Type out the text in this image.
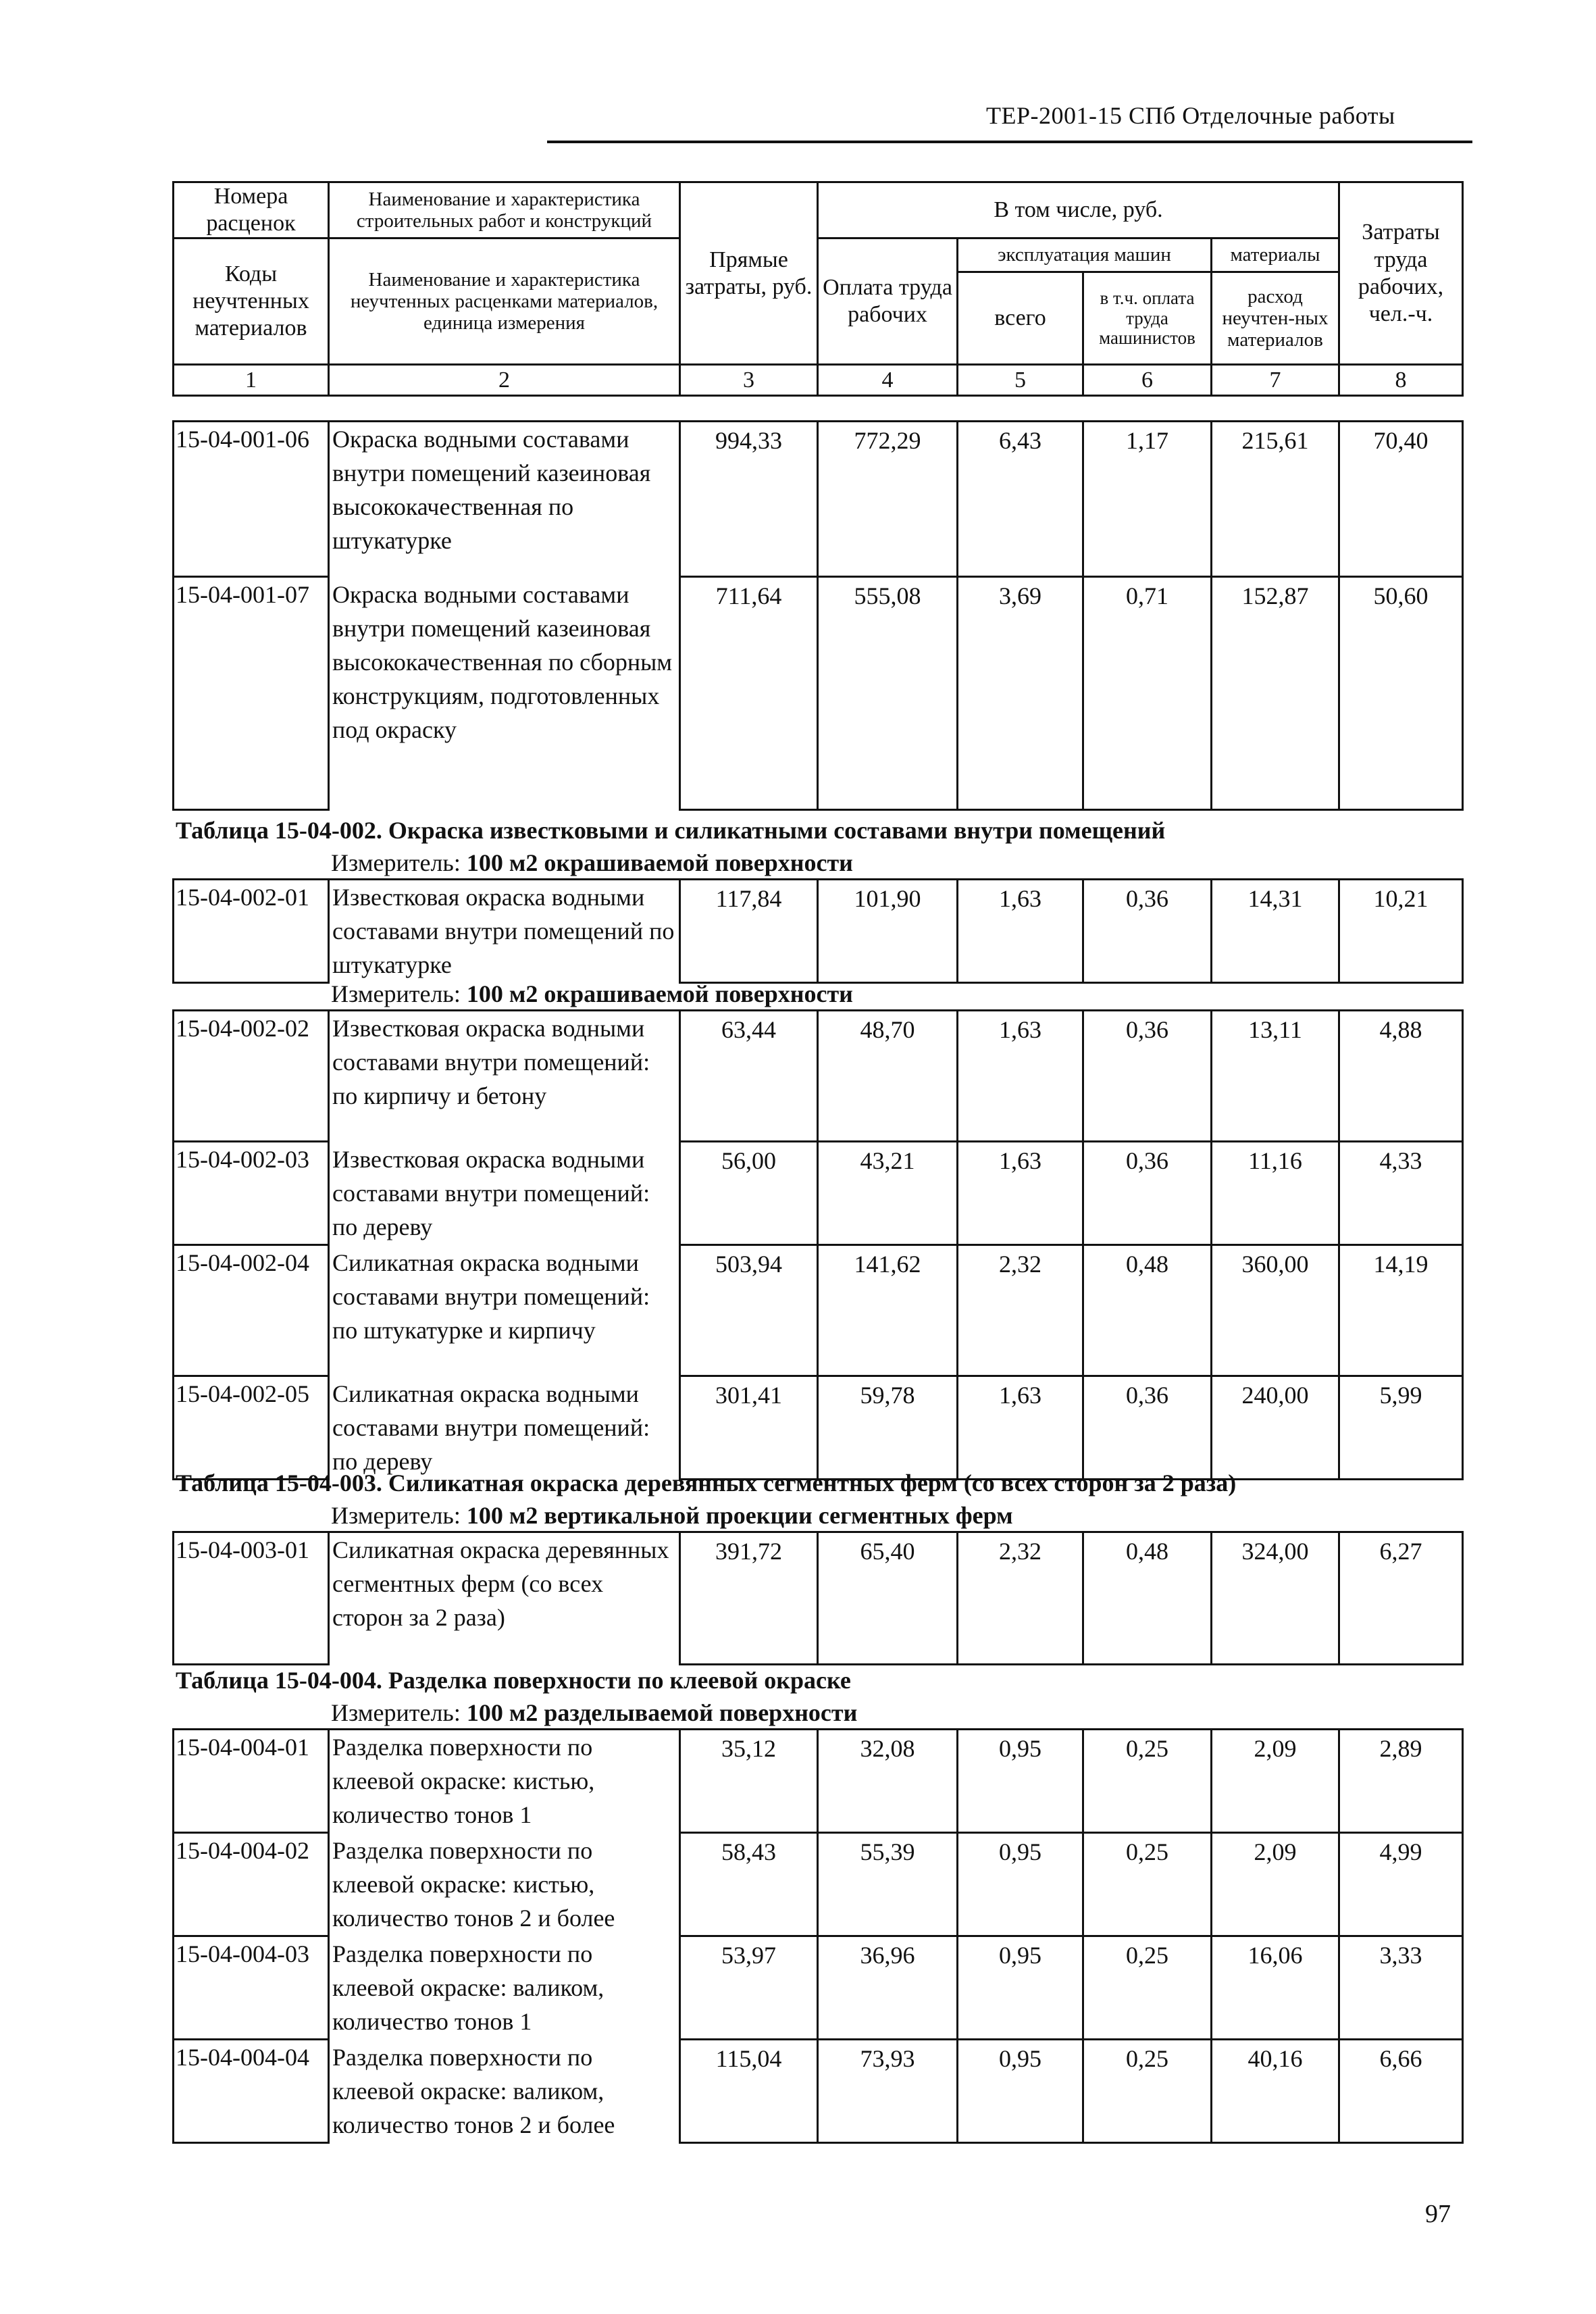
ТЕР-2001-15 СПб Отделочные работы
Номера расценок	Наименование и характеристика строительных работ и конструкций	Прямые затраты, руб.	В том числе, руб.				Затраты труда рабочих, чел.-ч.
Коды неучтенных материалов	Наименование и характеристика неучтенных расценками материалов, единица измерения		Оплата труда рабочих	эксплуатация машин		материалы	
				всего	в т.ч. оплата труда машинистов	расход неучтен-ных материалов	

1	2	3	4	5	6	7	8
15-04-001-06	Окраска водными составами внутри помещений казеиновая высококачественная по штукатурке	994,33	772,29	6,43	1,17	215,61	70,40
15-04-001-07	Окраска водными составами внутри помещений казеиновая высококачественная по сборным конструкциям, подготовленных под окраску	711,64	555,08	3,69	0,71	152,87	50,60
Таблица 15-04-002. Окраска известковыми и силикатными составами внутри помещений
Измеритель: 100 м2 окрашиваемой поверхности
15-04-002-01	Известковая окраска водными составами внутри помещений по штукатурке	117,84	101,90	1,63	0,36	14,31	10,21
Измеритель: 100 м2 окрашиваемой поверхности
15-04-002-02	Известковая окраска водными составами внутри помещений: по кирпичу и бетону	63,44	48,70	1,63	0,36	13,11	4,88
15-04-002-03	Известковая окраска водными составами внутри помещений: по дереву	56,00	43,21	1,63	0,36	11,16	4,33
15-04-002-04	Силикатная окраска водными составами внутри помещений: по штукатурке и кирпичу	503,94	141,62	2,32	0,48	360,00	14,19
15-04-002-05	Силикатная окраска водными составами внутри помещений: по дереву	301,41	59,78	1,63	0,36	240,00	5,99
Таблица 15-04-003. Силикатная окраска деревянных сегментных ферм (со всех сторон за 2 раза)
Измеритель: 100 м2 вертикальной проекции сегментных ферм
15-04-003-01	Силикатная окраска деревянных сегментных ферм (со всех сторон за 2 раза)	391,72	65,40	2,32	0,48	324,00	6,27
Таблица 15-04-004. Разделка поверхности по клеевой окраске
Измеритель: 100 м2 разделываемой поверхности
15-04-004-01	Разделка поверхности по клеевой окраске: кистью, количество тонов 1	35,12	32,08	0,95	0,25	2,09	2,89
15-04-004-02	Разделка поверхности по клеевой окраске: кистью, количество тонов 2 и более	58,43	55,39	0,95	0,25	2,09	4,99
15-04-004-03	Разделка поверхности по клеевой окраске: валиком, количество тонов 1	53,97	36,96	0,95	0,25	16,06	3,33
15-04-004-04	Разделка поверхности по клеевой окраске: валиком, количество тонов 2 и более	115,04	73,93	0,95	0,25	40,16	6,66
97
